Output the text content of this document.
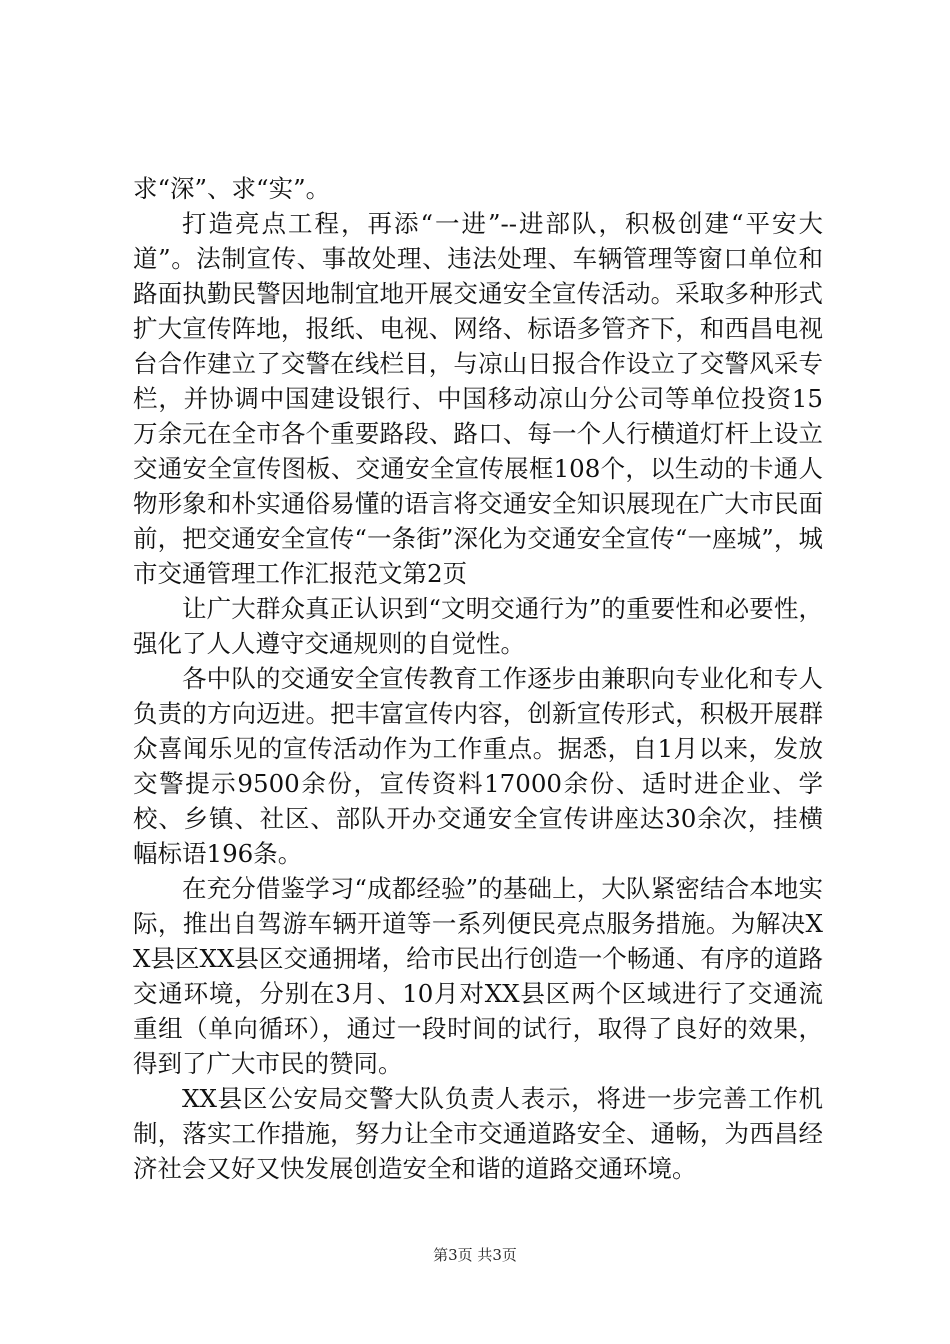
求“深”、求“实”。

打造亮点工程，再添“一进”--进部队，积极创建“平安大道”。法制宣传、事故处理、违法处理、车辆管理等窗口单位和路面执勤民警因地制宜地开展交通安全宣传活动。采取多种形式扩大宣传阵地，报纸、电视、网络、标语多管齐下，和西昌电视台合作建立了交警在线栏目，与凉山日报合作设立了交警风采专栏，并协调中国建设银行、中国移动凉山分公司等单位投资15万余元在全市各个重要路段、路口、每一个人行横道灯杆上设立交通安全宣传图板、交通安全宣传展框108个，以生动的卡通人物形象和朴实通俗易懂的语言将交通安全知识展现在广大市民面前，把交通安全宣传“一条街”深化为交通安全宣传“一座城”，城市交通管理工作汇报范文第2页

让广大群众真正认识到“文明交通行为”的重要性和必要性，强化了人人遵守交通规则的自觉性。

各中队的交通安全宣传教育工作逐步由兼职向专业化和专人负责的方向迈进。把丰富宣传内容，创新宣传形式，积极开展群众喜闻乐见的宣传活动作为工作重点。据悉，自1月以来，发放交警提示9500余份，宣传资料17000余份、适时进企业、学校、乡镇、社区、部队开办交通安全宣传讲座达30余次，挂横幅标语196条。

在充分借鉴学习“成都经验”的基础上，大队紧密结合本地实际，推出自驾游车辆开道等一系列便民亮点服务措施。为解决XX县区XX县区交通拥堵，给市民出行创造一个畅通、有序的道路交通环境，分别在3月、10月对XX县区两个区域进行了交通流重组（单向循环），通过一段时间的试行，取得了良好的效果，得到了广大市民的赞同。

XX县区公安局交警大队负责人表示，将进一步完善工作机制，落实工作措施，努力让全市交通道路安全、通畅，为西昌经济社会又好又快发展创造安全和谐的道路交通环境。

第3页 共3页
